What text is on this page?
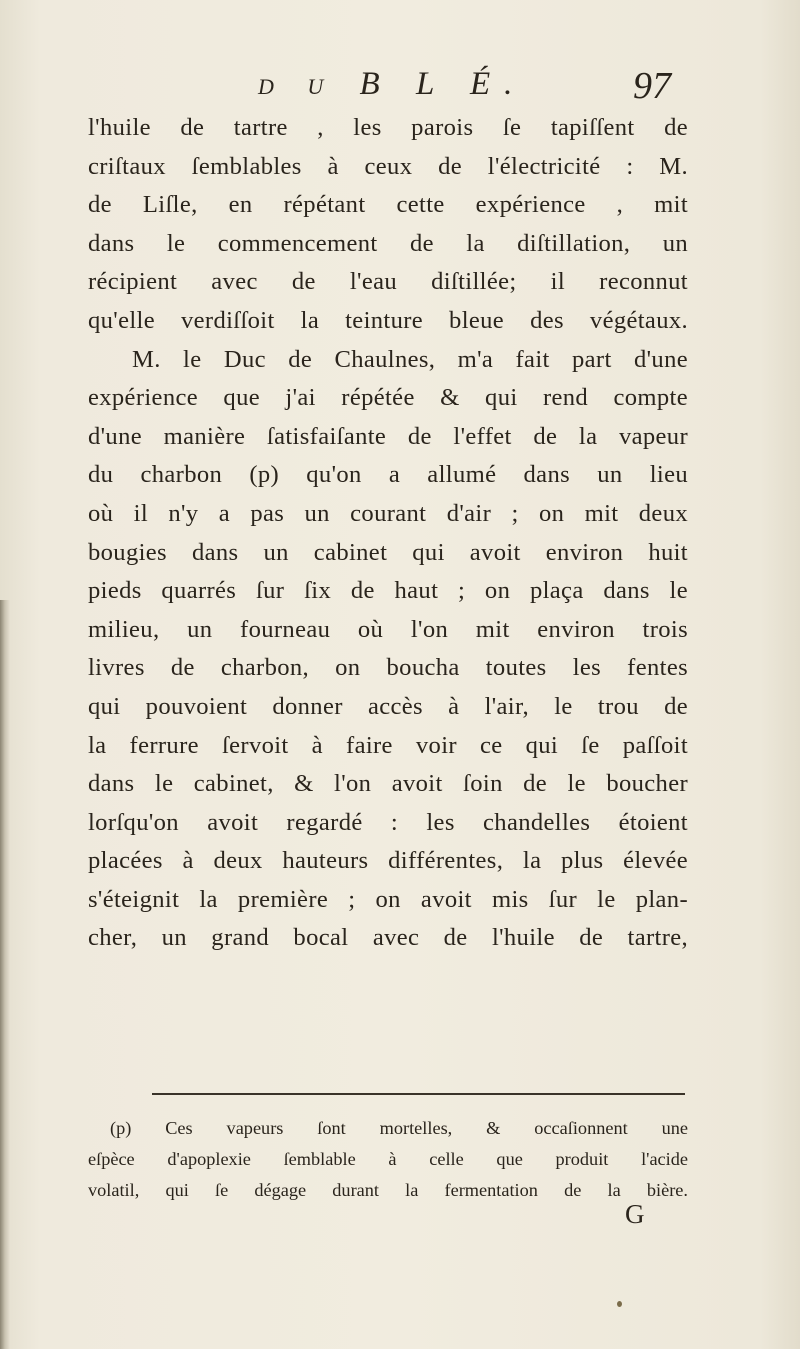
D U B L É.	97
l'huile de tartre , les parois ſe tapiſſent de
criſtaux ſemblables à ceux de l'électricité : M.
de Liſle, en répétant cette expérience , mit
dans le commencement de la diſtillation, un
récipient avec de l'eau diſtillée; il reconnut
qu'elle verdiſſoit la teinture bleue des végétaux.
M. le Duc de Chaulnes, m'a fait part d'une
expérience que j'ai répétée & qui rend compte
d'une manière ſatisfaiſante de l'effet de la vapeur
du charbon (p) qu'on a allumé dans un lieu
où il n'y a pas un courant d'air ; on mit deux
bougies dans un cabinet qui avoit environ huit
pieds quarrés ſur ſix de haut ; on plaça dans le
milieu, un fourneau où l'on mit environ trois
livres de charbon, on boucha toutes les fentes
qui pouvoient donner accès à l'air, le trou de
la ferrure ſervoit à faire voir ce qui ſe paſſoit
dans le cabinet, & l'on avoit ſoin de le boucher
lorſqu'on avoit regardé : les chandelles étoient
placées à deux hauteurs différentes, la plus élevée
s'éteignit la première ; on avoit mis ſur le plan-
cher, un grand bocal avec de l'huile de tartre,
(p) Ces vapeurs ſont mortelles, & occaſionnent une
eſpèce d'apoplexie ſemblable à celle que produit l'acide
volatil, qui ſe dégage durant la fermentation de la bière.
G
